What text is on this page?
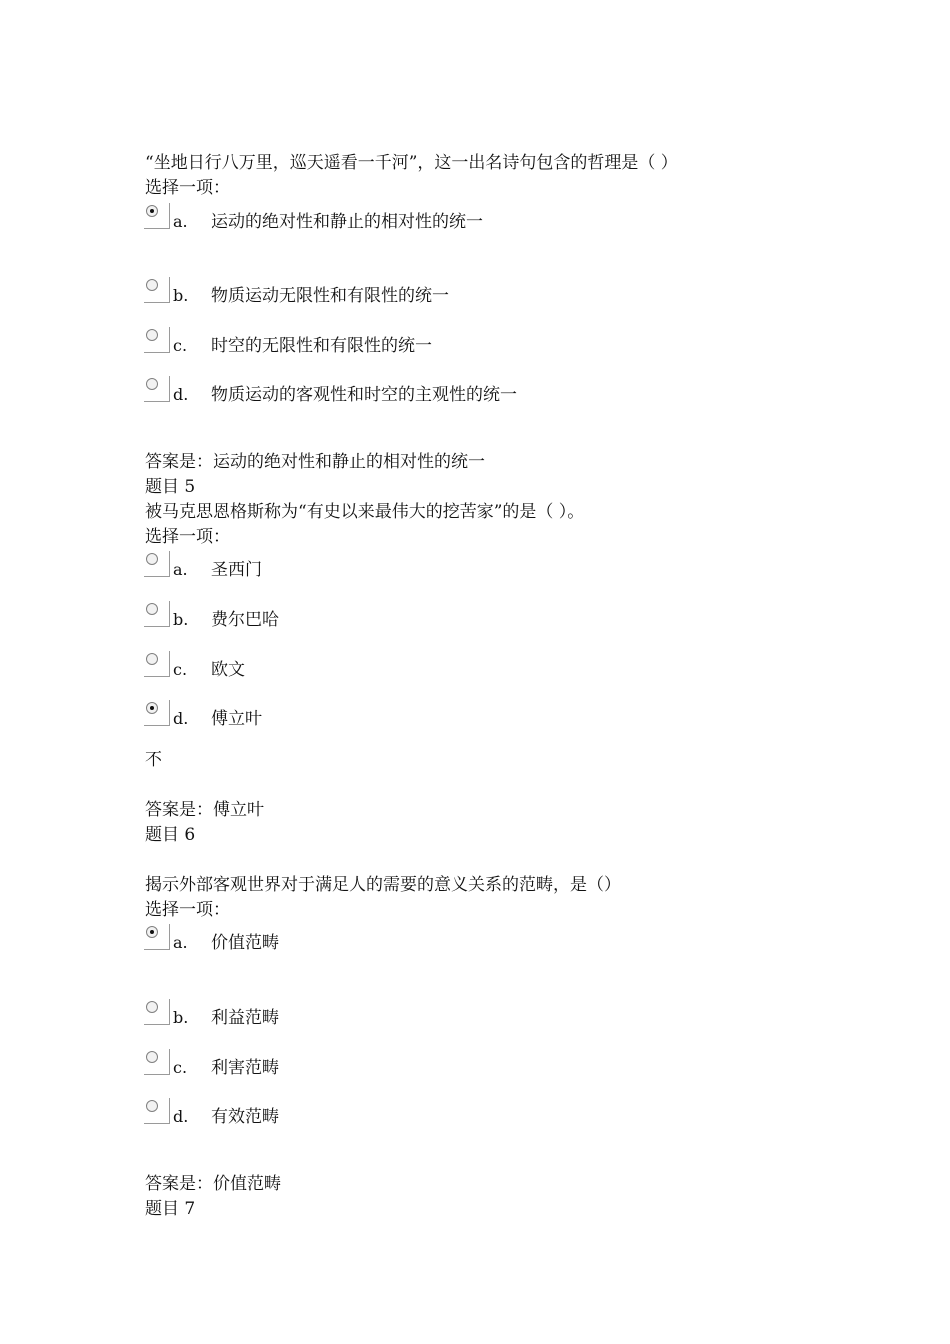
“坐地日行八万里，巡天遥看一千河”，这一出名诗句包含的哲理是（ ）
选择一项：
a. 运动的绝对性和静止的相对性的统一
b. 物质运动无限性和有限性的统一
c. 时空的无限性和有限性的统一
d. 物质运动的客观性和时空的主观性的统一
答案是：运动的绝对性和静止的相对性的统一
题目 5
被马克思恩格斯称为“有史以来最伟大的挖苦家”的是（ ）。
选择一项：
a. 圣西门
b. 费尔巴哈
c. 欧文
d. 傅立叶
不
答案是：傅立叶
题目 6
揭示外部客观世界对于满足人的需要的意义关系的范畴，是（）
选择一项：
a. 价值范畴
b. 利益范畴
c. 利害范畴
d. 有效范畴
答案是：价值范畴
题目 7
